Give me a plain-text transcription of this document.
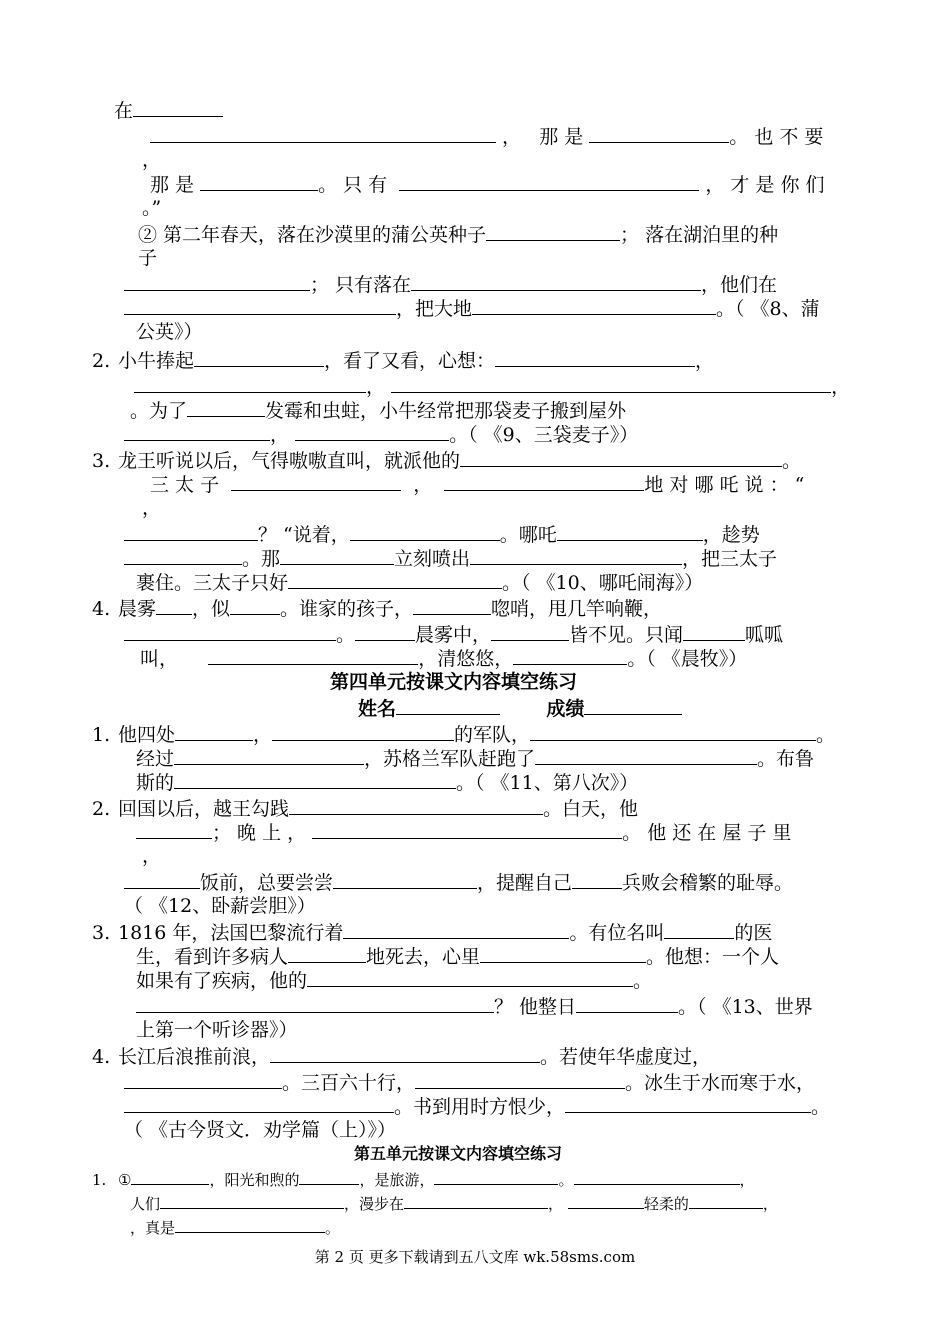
在
， 那 是	。 也 不 要
，
那 是	。 只 有	， 才 是 你 们
。”
② 第二年春天，落在沙漠里的蒲公英种子	； 落在湖泊里的种
子
； 只有落在	，他们在
，把大地	。（ 《8、蒲
公英》）
2. 小牛捧起	，看了又看，心想：	，
，	，
。为了	发霉和虫蛀，小牛经常把那袋麦子搬到屋外
，	。（ 《9、三袋麦子》）
3. 龙王听说以后，气得嗷嗷直叫，就派他的	。
三 太 子	，	地 对 哪 吒 说 ： “
，
？ “说着，	。哪吒	，趁势
。那	立刻喷出	，把三太子
裹住。三太子只好	。（ 《10、哪吒闹海》）
4. 晨雾 ，似	。谁家的孩子，	唿哨，甩几竿响鞭，
。	晨雾中，	皆不见。只闻	呱呱
叫，	，清悠悠，	。（ 《晨牧》）
第四单元按课文内容填空练习
姓名	成绩
1. 他四处	，	的军队，	。
经过	，苏格兰军队赶跑了	。布鲁
斯的	。（ 《11、第八次》）
2. 回国以后，越王勾践	。白天，他
； 晚 上 ，	。 他 还 在 屋 子 里
，
饭前，总要尝尝	，提醒自己	兵败会稽繁的耻辱。
（ 《12、卧薪尝胆》）
3. 1816 年，法国巴黎流行着	。有位名叫	的医
生，看到许多病人	地死去，心里	。他想：一个人
如果有了疾病，他的	。
？ 他整日	。（ 《13、世界
上第一个听诊器》）
4. 长江后浪推前浪，	。若使年华虚度过，
。三百六十行，	。冰生于水而寒于水，
。书到用时方恨少，	。
（ 《古今贤文．劝学篇（上）》）
第五单元按课文内容填空练习
1. ①	，阳光和煦的	，是旅游，	。	，
人们	，漫步在	，	轻柔的	，
，真是	。
第 2 页 更多下载请到五八文库 wk.58sms.com
